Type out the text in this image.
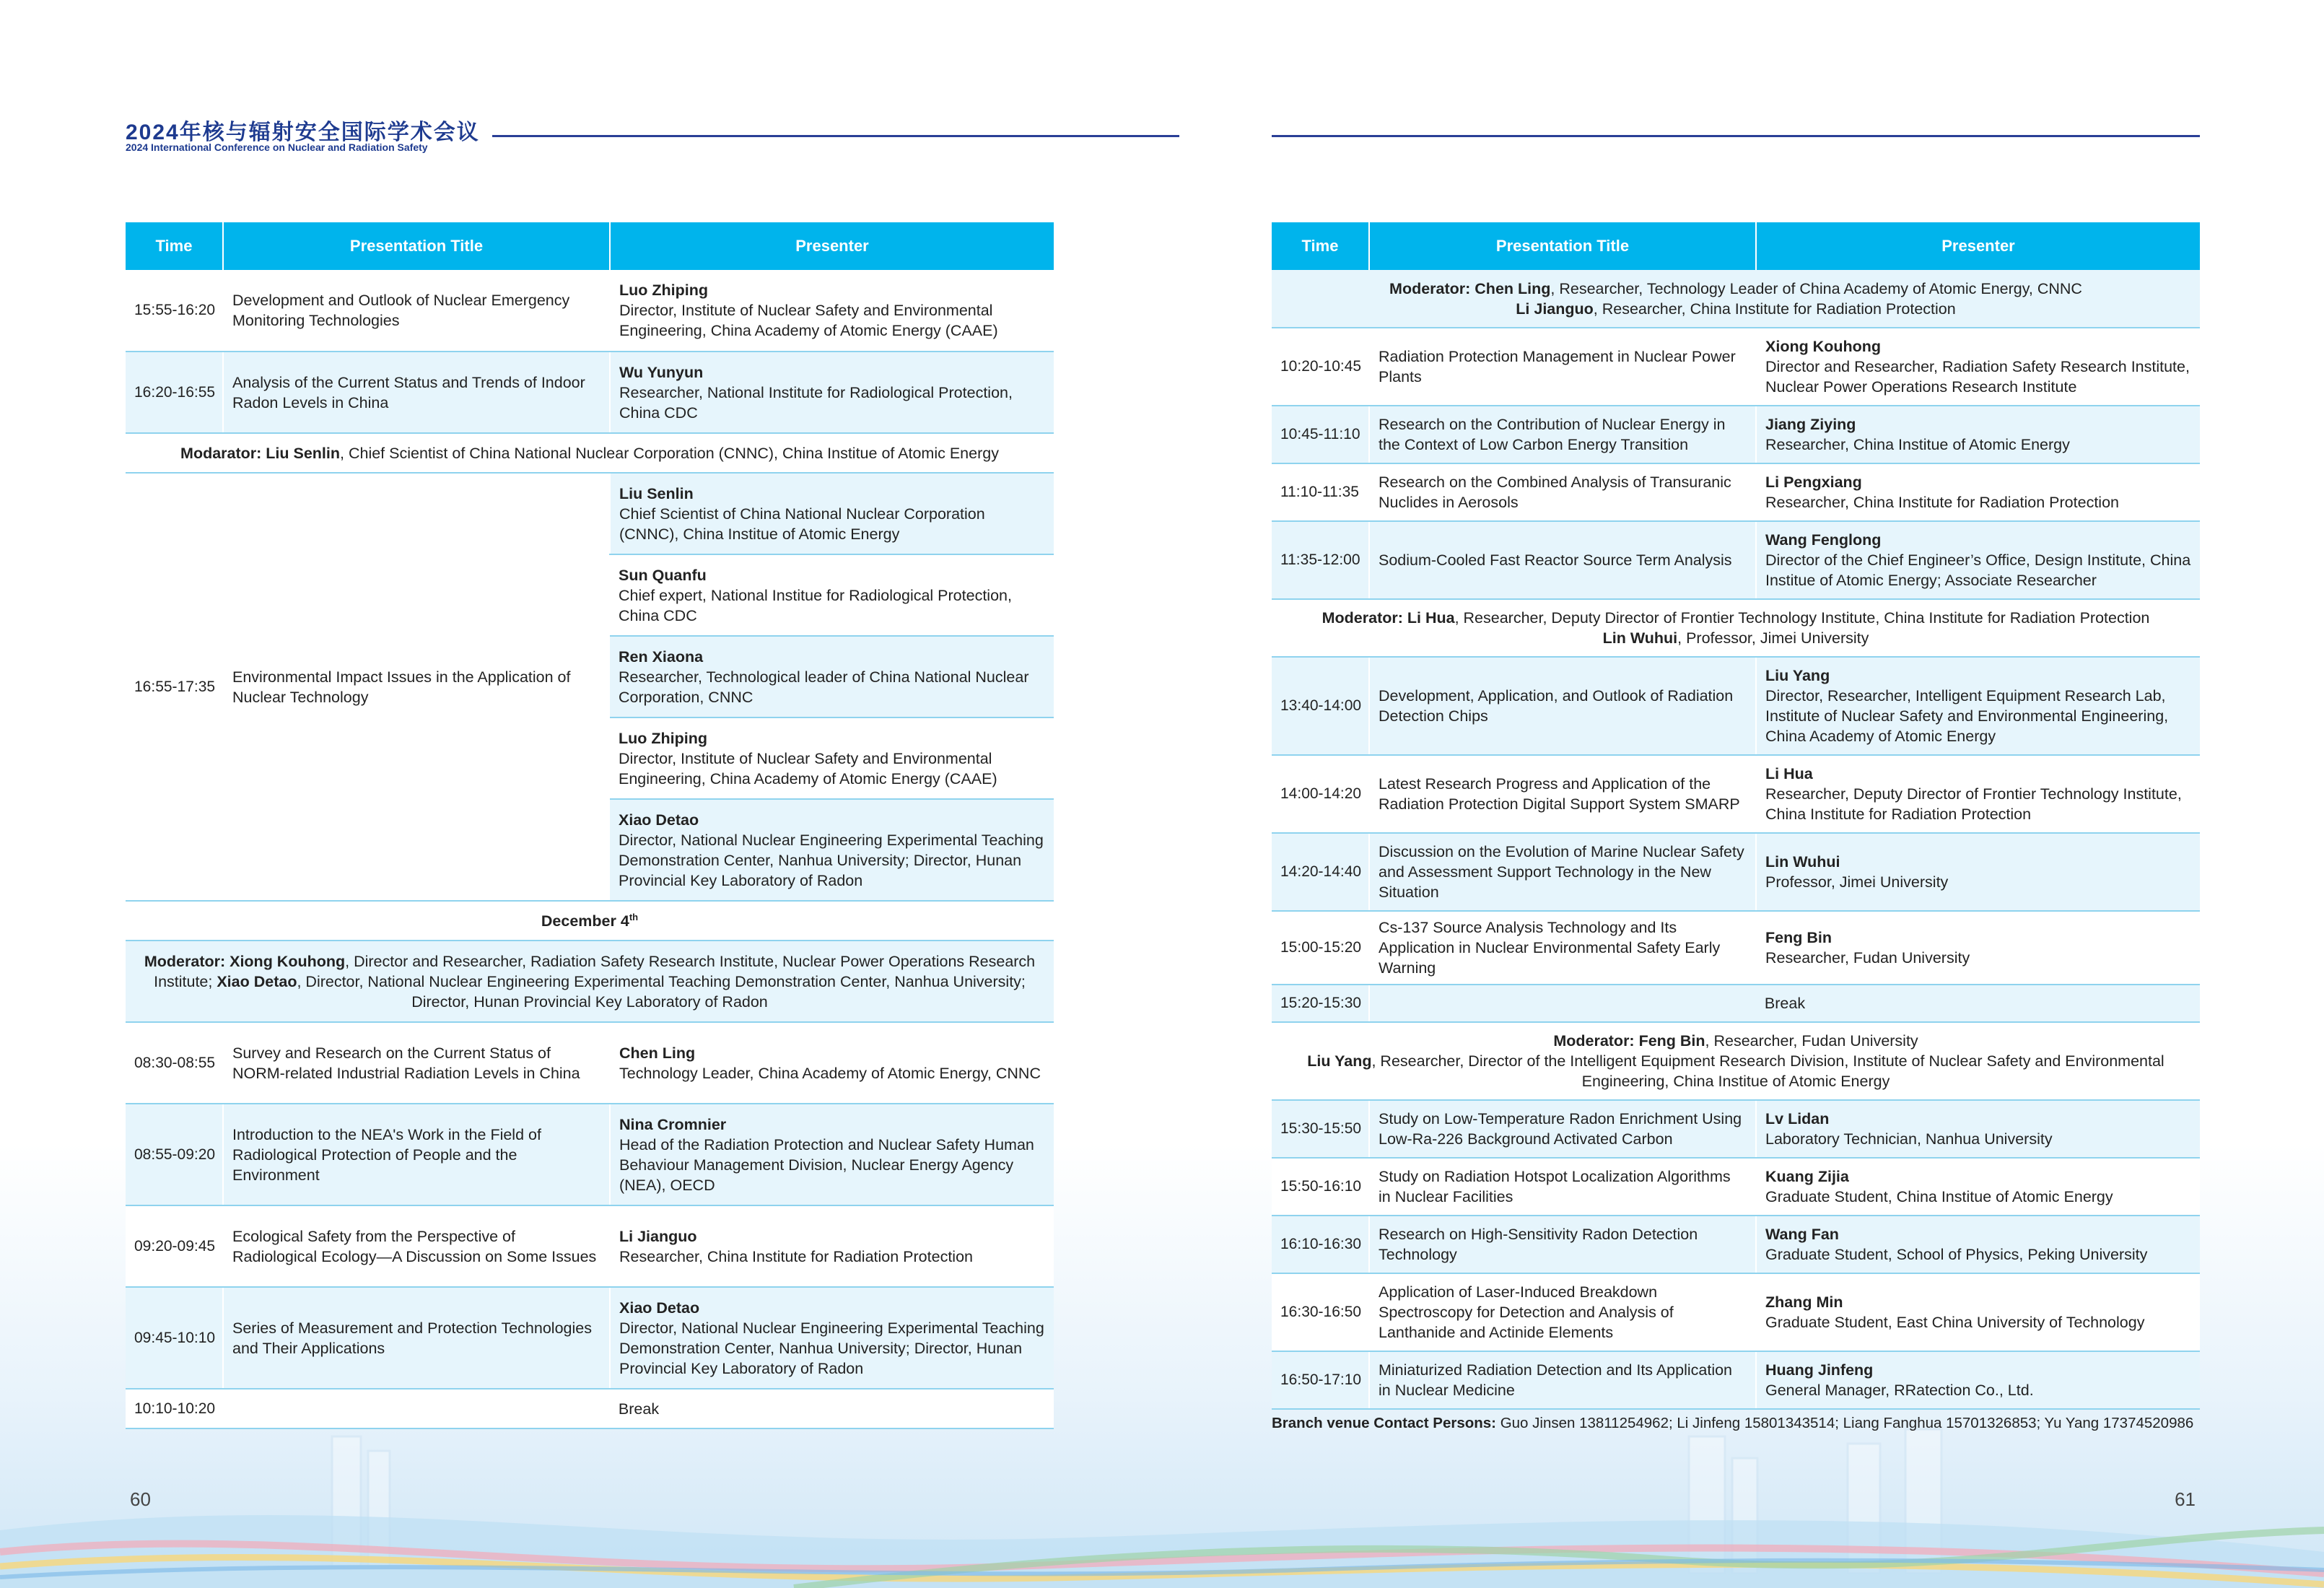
2024年核与辐射安全国际学术会议
2024 International Conference on Nuclear and Radiation Safety
Time	Presentation Title	Presenter
15:55-16:20	Development and Outlook of Nuclear Emergency Monitoring Technologies	Luo Zhiping
Director, Institute of Nuclear Safety and Environmental Engineering, China Academy of Atomic Energy (CAAE)
16:20-16:55	Analysis of the Current Status and Trends of Indoor Radon Levels in China	Wu Yunyun
Researcher, National Institute for Radiological Protection, China CDC
Modarator: Liu Senlin, Chief Scientist of China National Nuclear Corporation (CNNC), China Institue of Atomic Energy		
16:55-17:35	Environmental Impact Issues in the Application of Nuclear Technology	Liu Senlin
Chief Scientist of China National Nuclear Corporation (CNNC), China Institue of Atomic Energy

		Sun Quanfu
Chief expert, National Institue for Radiological Protection, China CDC

		Ren Xiaona
Researcher, Technological leader of China National Nuclear Corporation, CNNC

		Luo Zhiping
Director, Institute of Nuclear Safety and Environmental Engineering, China Academy of Atomic Energy (CAAE)

		Xiao Detao
Director, National Nuclear Engineering Experimental Teaching Demonstration Center, Nanhua University; Director, Hunan Provincial Key Laboratory of Radon
December 4th
Moderator: Xiong Kouhong, Director and Researcher, Radiation Safety Research Institute, Nuclear Power Operations Research Institute; Xiao Detao, Director, National Nuclear Engineering Experimental Teaching Demonstration Center, Nanhua University; Director, Hunan Provincial Key Laboratory of Radon		
08:30-08:55	Survey and Research on the Current Status of NORM-related Industrial Radiation Levels in China	Chen Ling
Technology Leader, China Academy of Atomic Energy, CNNC
08:55-09:20	Introduction to the NEA's Work in the Field of Radiological Protection of People and the Environment	Nina Cromnier
Head of the Radiation Protection and Nuclear Safety Human Behaviour Management Division, Nuclear Energy Agency (NEA), OECD
09:20-09:45	Ecological Safety from the Perspective of Radiological Ecology—A Discussion on Some Issues	Li Jianguo
Researcher, China Institute for Radiation Protection
09:45-10:10	Series of Measurement and Protection Technologies and Their Applications	Xiao Detao
Director, National Nuclear Engineering Experimental Teaching Demonstration Center, Nanhua University; Director, Hunan Provincial Key Laboratory of Radon
10:10-10:20	Break	
60
Time	Presentation Title	Presenter
Moderator: Chen Ling, Researcher, Technology Leader of China Academy of Atomic Energy, CNNC
Li Jianguo, Researcher, China Institute for Radiation Protection		
10:20-10:45	Radiation Protection Management in Nuclear Power Plants	Xiong Kouhong
Director and Researcher, Radiation Safety Research Institute, Nuclear Power Operations Research Institute
10:45-11:10	Research on the Contribution of Nuclear Energy in the Context of Low Carbon Energy Transition	Jiang Ziying
Researcher, China Institue of Atomic Energy
11:10-11:35	Research on the Combined Analysis of Transuranic Nuclides in Aerosols	Li Pengxiang
Researcher, China Institute for Radiation Protection
11:35-12:00	Sodium-Cooled Fast Reactor Source Term Analysis	Wang Fenglong
Director of the Chief Engineer’s Office, Design Institute, China Institue of Atomic Energy; Associate Researcher
Moderator: Li Hua, Researcher, Deputy Director of Frontier Technology Institute, China Institute for Radiation Protection
Lin Wuhui, Professor, Jimei University		
13:40-14:00	Development, Application, and Outlook of Radiation Detection Chips	Liu Yang
Director, Researcher, Intelligent Equipment Research Lab, Institute of Nuclear Safety and Environmental Engineering, China Academy of Atomic Energy
14:00-14:20	Latest Research Progress and Application of the Radiation Protection Digital Support System SMARP	Li Hua
Researcher, Deputy Director of Frontier Technology Institute, China Institute for Radiation Protection
14:20-14:40	Discussion on the Evolution of Marine Nuclear Safety and Assessment Support Technology in the New Situation	Lin Wuhui
Professor, Jimei University
15:00-15:20	Cs-137 Source Analysis Technology and Its Application in Nuclear Environmental Safety Early Warning	Feng Bin
Researcher, Fudan University
15:20-15:30	Break	
Moderator: Feng Bin, Researcher, Fudan University
Liu Yang, Researcher, Director of the Intelligent Equipment Research Division, Institute of Nuclear Safety and Environmental Engineering, China Institue of Atomic Energy		
15:30-15:50	Study on Low-Temperature Radon Enrichment Using Low-Ra-226 Background Activated Carbon	Lv Lidan
Laboratory Technician, Nanhua University
15:50-16:10	Study on Radiation Hotspot Localization Algorithms in Nuclear Facilities	Kuang Zijia
Graduate Student, China Institue of Atomic Energy
16:10-16:30	Research on High-Sensitivity Radon Detection Technology	Wang Fan
Graduate Student, School of Physics, Peking University
16:30-16:50	Application of Laser-Induced Breakdown Spectroscopy for Detection and Analysis of Lanthanide and Actinide Elements	Zhang Min
Graduate Student, East China University of Technology
16:50-17:10	Miniaturized Radiation Detection and Its Application in Nuclear Medicine	Huang Jinfeng
General Manager, RRatection Co., Ltd.
Branch venue Contact Persons: Guo Jinsen 13811254962; Li Jinfeng 15801343514; Liang Fanghua 15701326853; Yu Yang 17374520986
61
